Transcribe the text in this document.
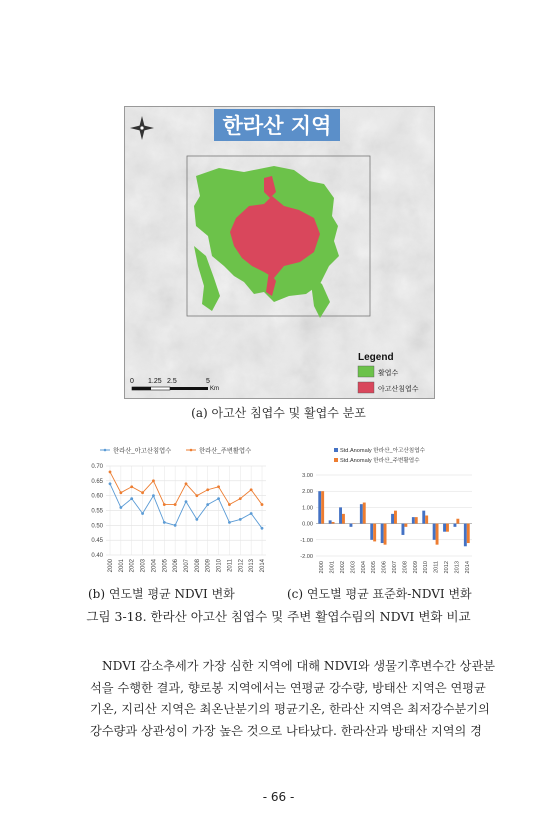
한라산 지역
Legend
활엽수
아고산침엽수
0 1.25 2.5	5
Km
(a) 아고산 침엽수 및 활엽수 분포
한라산_아고산침엽수	한라산_주변활엽수
0.70
0.65
0.60
0.55
0.50
0.45
0.40
2000 2001 2002 2003 2004 2005 2006 2007 2008 2009 2010 2011 2012 2013 2014
Std.Anomaly 한라산_아고산침엽수
Std.Anomaly 한라산_주변활엽수
3.00
2.00
1.00
0.00
-1.00
-2.00
2000 2001 2002 2003 2004 2005 2006 2007 2008 2009 2010 2011 2012 2013 2014
(b) 연도별 평균 NDVI 변화	(c) 연도별 평균 표준화-NDVI 변화
그림 3-18. 한라산 아고산 침엽수 및 주변 활엽수림의 NDVI 변화 비교
NDVI 감소추세가 가장 심한 지역에 대해 NDVI와 생물기후변수간 상관분
석을 수행한 결과, 향로봉 지역에서는 연평균 강수량, 방태산 지역은 연평균
기온, 지리산 지역은 최온난분기의 평균기온, 한라산 지역은 최저강수분기의
강수량과 상관성이 가장 높은 것으로 나타났다. 한라산과 방태산 지역의 경
- 66 -
